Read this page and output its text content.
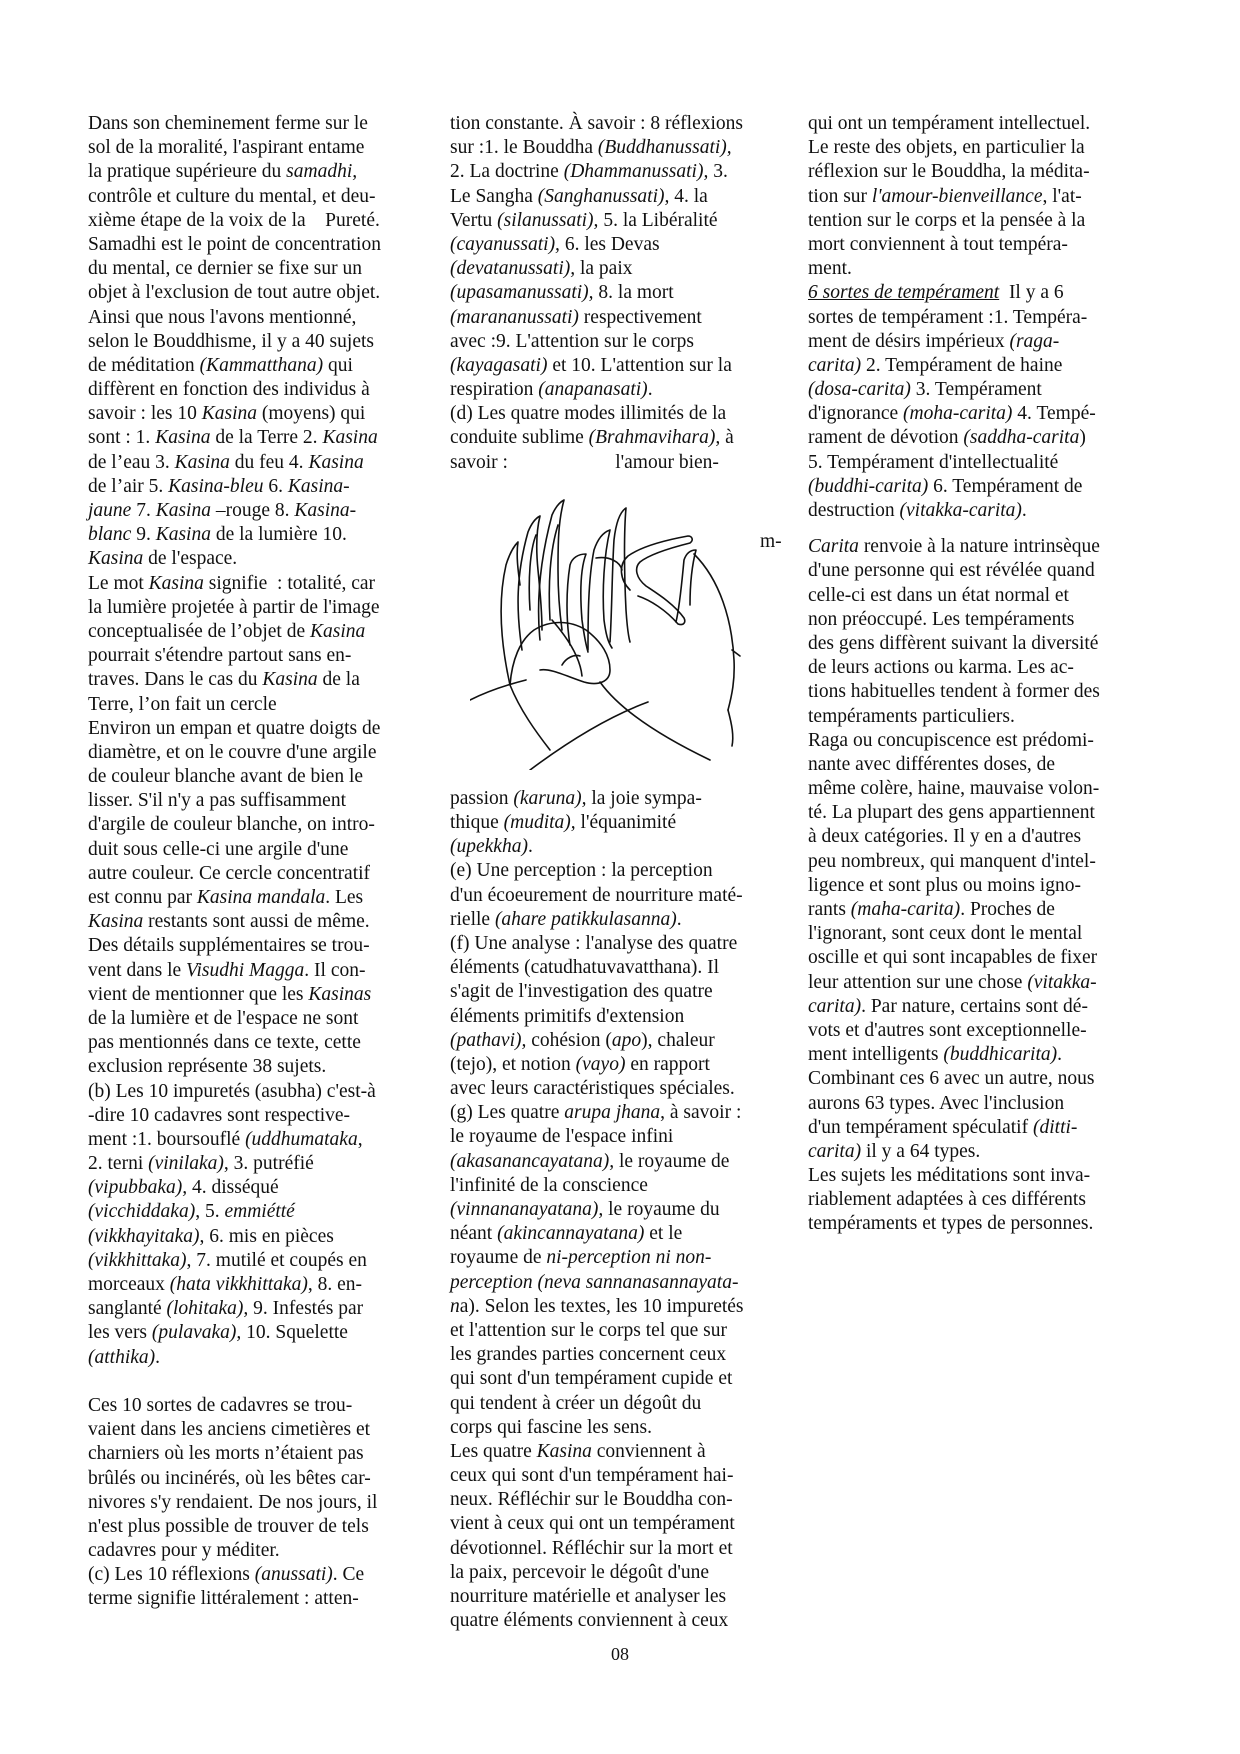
Dans son cheminement ferme sur le
sol de la moralité, l'aspirant entame
la pratique supérieure du samadhi,
contrôle et culture du mental, et deu-
xième étape de la voix de la    Pureté.
Samadhi est le point de concentration
du mental, ce dernier se fixe sur un
objet à l'exclusion de tout autre objet.
Ainsi que nous l'avons mentionné,
selon le Bouddhisme, il y a 40 sujets
de méditation (Kammatthana) qui
diffèrent en fonction des individus à
savoir : les 10 Kasina (moyens) qui
sont : 1. Kasina de la Terre 2. Kasina
de l’eau 3. Kasina du feu 4. Kasina
de l’air 5. Kasina-bleu 6. Kasina-
jaune 7. Kasina –rouge 8. Kasina-
blanc 9. Kasina de la lumière 10.
Kasina de l'espace.
Le mot Kasina signifie  : totalité, car
la lumière projetée à partir de l'image
conceptualisée de l’objet de Kasina
pourrait s'étendre partout sans en-
traves. Dans le cas du Kasina de la
Terre, l’on fait un cercle
Environ un empan et quatre doigts de
diamètre, et on le couvre d'une argile
de couleur blanche avant de bien le
lisser. S'il n'y a pas suffisamment
d'argile de couleur blanche, on intro-
duit sous celle-ci une argile d'une
autre couleur. Ce cercle concentratif
est connu par Kasina mandala. Les
Kasina restants sont aussi de même.
Des détails supplémentaires se trou-
vent dans le Visudhi Magga. Il con-
vient de mentionner que les Kasinas
de la lumière et de l'espace ne sont
pas mentionnés dans ce texte, cette
exclusion représente 38 sujets.
(b) Les 10 impuretés (asubha) c'est-à
-dire 10 cadavres sont respective-
ment :1. boursouflé (uddhumataka,
2. terni (vinilaka), 3. putréfié
(vipubbaka), 4. disséqué
(vicchiddaka), 5. emmiétté
(vikkhayitaka), 6. mis en pièces
(vikkhittaka), 7. mutilé et coupés en
morceaux (hata vikkhittaka), 8. en-
sanglanté (lohitaka), 9. Infestés par
les vers (pulavaka), 10. Squelette
(atthika).
Ces 10 sortes de cadavres se trou-
vaient dans les anciens cimetières et
charniers où les morts n’étaient pas
brûlés ou incinérés, où les bêtes car-
nivores s'y rendaient. De nos jours, il
n'est plus possible de trouver de tels
cadavres pour y méditer.
(c) Les 10 réflexions (anussati). Ce
terme signifie littéralement : atten-
tion constante. À savoir : 8 réflexions
sur :1. le Bouddha (Buddhanussati),
2. La doctrine (Dhammanussati), 3.
Le Sangha (Sanghanussati), 4. la
Vertu (silanussati), 5. la Libéralité
(cayanussati), 6. les Devas
(devatanussati), la paix
(upasamanussati), 8. la mort
(marananussati) respectivement
avec :9. L'attention sur le corps
(kayagasati) et 10. L'attention sur la
respiration (anapanasati).
(d) Les quatre modes illimités de la
conduite sublime (Brahmavihara), à
savoir :                      l'amour bien-
passion (karuna), la joie sympa-
thique (mudita), l'équanimité
(upekkha).
(e) Une perception : la perception
d'un écoeurement de nourriture maté-
rielle (ahare patikkulasanna).
(f) Une analyse : l'analyse des quatre
éléments (catudhatuvavatthana). Il
s'agit de l'investigation des quatre
éléments primitifs d'extension
(pathavi), cohésion (apo), chaleur
(tejo), et notion (vayo) en rapport
avec leurs caractéristiques spéciales.
(g) Les quatre arupa jhana, à savoir :
le royaume de l'espace infini
(akasanancayatana), le royaume de
l'infinité de la conscience
(vinnananayatana), le royaume du
néant (akincannayatana) et le
royaume de ni-perception ni non-
perception (neva sannanasannayata-
na). Selon les textes, les 10 impuretés
et l'attention sur le corps tel que sur
les grandes parties concernent ceux
qui sont d'un tempérament cupide et
qui tendent à créer un dégoût du
corps qui fascine les sens.
Les quatre Kasina conviennent à
ceux qui sont d'un tempérament hai-
neux. Réfléchir sur le Bouddha con-
vient à ceux qui ont un tempérament
dévotionnel. Réfléchir sur la mort et
la paix, percevoir le dégoût d'une
nourriture matérielle et analyser les
quatre éléments conviennent à ceux
qui ont un tempérament intellectuel.
Le reste des objets, en particulier la
réflexion sur le Bouddha, la médita-
tion sur l'amour-bienveillance, l'at-
tention sur le corps et la pensée à la
mort conviennent à tout tempéra-
ment.
6 sortes de tempérament  Il y a 6
sortes de tempérament :1. Tempéra-
ment de désirs impérieux (raga-
carita) 2. Tempérament de haine
(dosa-carita) 3. Tempérament
d'ignorance (moha-carita) 4. Tempé-
rament de dévotion (saddha-carita)
5. Tempérament d'intellectualité
(buddhi-carita) 6. Tempérament de
destruction (vitakka-carita).
Carita renvoie à la nature intrinsèque
d'une personne qui est révélée quand
celle-ci est dans un état normal et
non préoccupé. Les tempéraments
des gens diffèrent suivant la diversité
de leurs actions ou karma. Les ac-
tions habituelles tendent à former des
tempéraments particuliers.
Raga ou concupiscence est prédomi-
nante avec différentes doses, de
même colère, haine, mauvaise volon-
té. La plupart des gens appartiennent
à deux catégories. Il y en a d'autres
peu nombreux, qui manquent d'intel-
ligence et sont plus ou moins igno-
rants (maha-carita). Proches de
l'ignorant, sont ceux dont le mental
oscille et qui sont incapables de fixer
leur attention sur une chose (vitakka-
carita). Par nature, certains sont dé-
vots et d'autres sont exceptionnelle-
ment intelligents (buddhicarita).
Combinant ces 6 avec un autre, nous
aurons 63 types. Avec l'inclusion
d'un tempérament spéculatif (ditti-
carita) il y a 64 types.
Les sujets les méditations sont inva-
riablement adaptées à ces différents
tempéraments et types de personnes.
m-
08
